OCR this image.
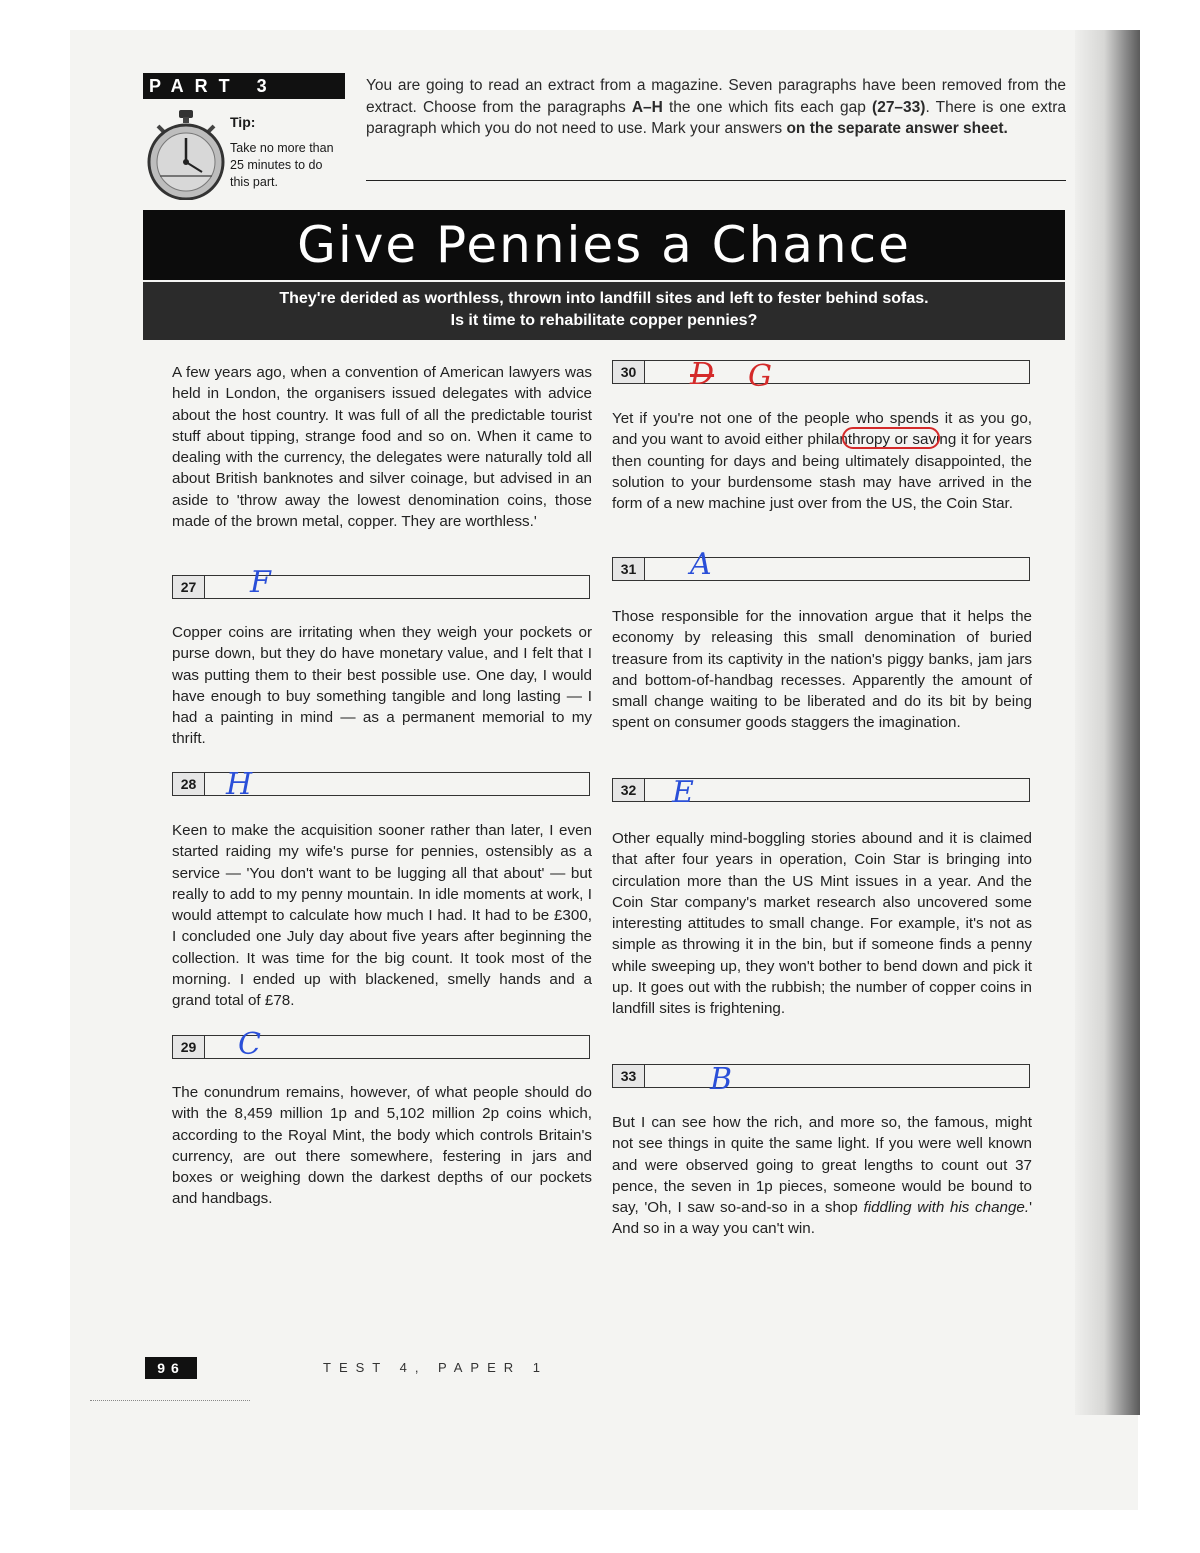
PART 3
Tip:
Take no more than 25 minutes to do this part.
You are going to read an extract from a magazine. Seven paragraphs have been removed from the extract. Choose from the paragraphs A–H the one which fits each gap (27–33). There is one extra paragraph which you do not need to use. Mark your answers on the separate answer sheet.
Give Pennies a Chance
They're derided as worthless, thrown into landfill sites and left to fester behind sofas.
Is it time to rehabilitate copper pennies?
A few years ago, when a convention of American lawyers was held in London, the organisers issued delegates with advice about the host country. It was full of all the predictable tourist stuff about tipping, strange food and so on. When it came to dealing with the currency, the delegates were naturally told all about British banknotes and silver coinage, but advised in an aside to 'throw away the lowest denomination coins, those made of the brown metal, copper. They are worthless.'
27 F
Copper coins are irritating when they weigh your pockets or purse down, but they do have monetary value, and I felt that I was putting them to their best possible use. One day, I would have enough to buy something tangible and long lasting — I had a painting in mind — as a permanent memorial to my thrift.
28 H
Keen to make the acquisition sooner rather than later, I even started raiding my wife's purse for pennies, ostensibly as a service — 'You don't want to be lugging all that about' — but really to add to my penny mountain. In idle moments at work, I would attempt to calculate how much I had. It had to be £300, I concluded one July day about five years after beginning the collection. It was time for the big count. It took most of the morning. I ended up with blackened, smelly hands and a grand total of £78.
29 C
The conundrum remains, however, of what people should do with the 8,459 million 1p and 5,102 million 2p coins which, according to the Royal Mint, the body which controls Britain's currency, are out there somewhere, festering in jars and boxes or weighing down the darkest depths of our pockets and handbags.
30 D G
Yet if you're not one of the people who spends it as you go, and you want to avoid either philanthropy or saving it for years then counting for days and being ultimately disappointed, the solution to your burdensome stash may have arrived in the form of a new machine just over from the US, the Coin Star.
31 A
Those responsible for the innovation argue that it helps the economy by releasing this small denomination of buried treasure from its captivity in the nation's piggy banks, jam jars and bottom-of-handbag recesses. Apparently the amount of small change waiting to be liberated and do its bit by being spent on consumer goods staggers the imagination.
32 E
Other equally mind-boggling stories abound and it is claimed that after four years in operation, Coin Star is bringing into circulation more than the US Mint issues in a year. And the Coin Star company's market research also uncovered some interesting attitudes to small change. For example, it's not as simple as throwing it in the bin, but if someone finds a penny while sweeping up, they won't bother to bend down and pick it up. It goes out with the rubbish; the number of copper coins in landfill sites is frightening.
33 B
But I can see how the rich, and more so, the famous, might not see things in quite the same light. If you were well known and were observed going to great lengths to count out 37 pence, the seven in 1p pieces, someone would be bound to say, 'Oh, I saw so-and-so in a shop fiddling with his change.' And so in a way you can't win.
96	TEST 4, PAPER 1
